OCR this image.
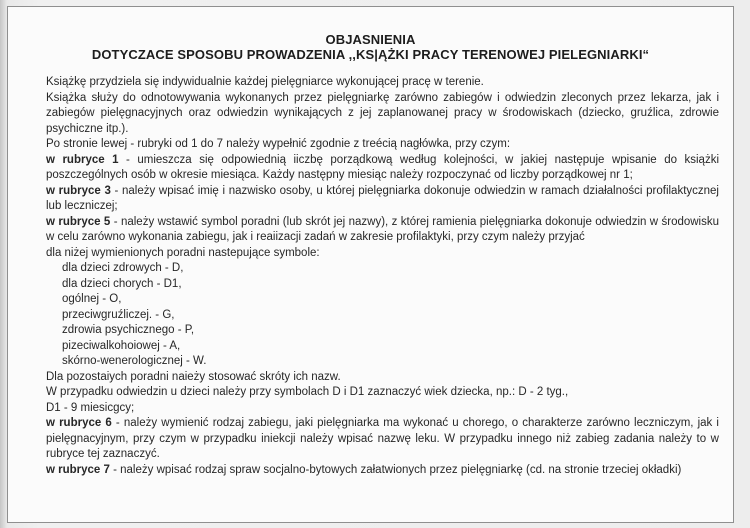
OBJASNIENIA
DOTYCZACE SPOSOBU PROWADZENIA ,,KS|ĄŻKI PRACY TERENOWEJ PIELEGNIARKI“

Książkę przydziela się indywidualnie każdej pielęgniarce wykonującej pracę w terenie.

Książka służy do odnotowywania wykonanych przez pielęgniarkę zarówno zabiegów i odwiedzin zleconych przez lekarza, jak i zabiegów pielęgnacyjnych oraz odwiedzin wynikających z jej zaplanowanej pracy w środowiskach (dziecko, gruźlica, zdrowie psychiczne itp.).

Po stronie lewej - rubryki od 1 do 7 należy wypełnić zgodnie z treécią nagłówka, przy czym:

w rubryce 1 - umieszcza się odpowiednią iiczbę porządkową według kolejności, w jakiej następuje wpisanie do książki poszczególnych osób w okresie miesiąca. Każdy następny miesiąc należy rozpoczynać od liczby porządkowej nr 1;

w rubryce 3 - należy wpisać imię i nazwisko osoby, u której pielęgniarka dokonuje odwiedzin w ramach działalności profilaktycznej lub leczniczej;

w rubryce 5 - należy wstawić symbol poradni (lub skrót jej nazwy), z której ramienia pielęgniarka dokonuje odwiedzin w środowisku w celu zarówno wykonania zabiegu, jak i reaiizacji zadań w zakresie profilaktyki, przy czym należy przyjać

dla niżej wymienionych poradni nastepujące symbole:

dla dzieci zdrowych - D,

dla dzieci chorych - D1,

ogólnej - O,

przeciwgruźliczej. - G,

zdrowia psychicznego - P,

pizeciwalkohoiowej - A,

skórno-wenerologicznej - W.

Dla pozostaiych poradni naieży stosować skróty ich nazw.

W przypadku odwiedzin u dzieci należy przy symbolach D i D1 zaznaczyć wiek dziecka, np.: D - 2 tyg.,

D1 - 9 miesicgcy;

w rubryce 6 - należy wymienić rodzaj zabiegu, jaki pielęgniarka ma wykonać u chorego, o charakterze zarówno leczniczym, jak i pielęgnacyjnym, przy czym w przypadku iniekcji należy wpisać nazwę leku. W przypadku innego niż zabieg zadania należy to w rubryce tej zaznaczyć.

w rubryce 7 - należy wpisać rodzaj spraw socjalno-bytowych załatwionych przez pielęgniarkę (cd. na stronie trzeciej okładki)
